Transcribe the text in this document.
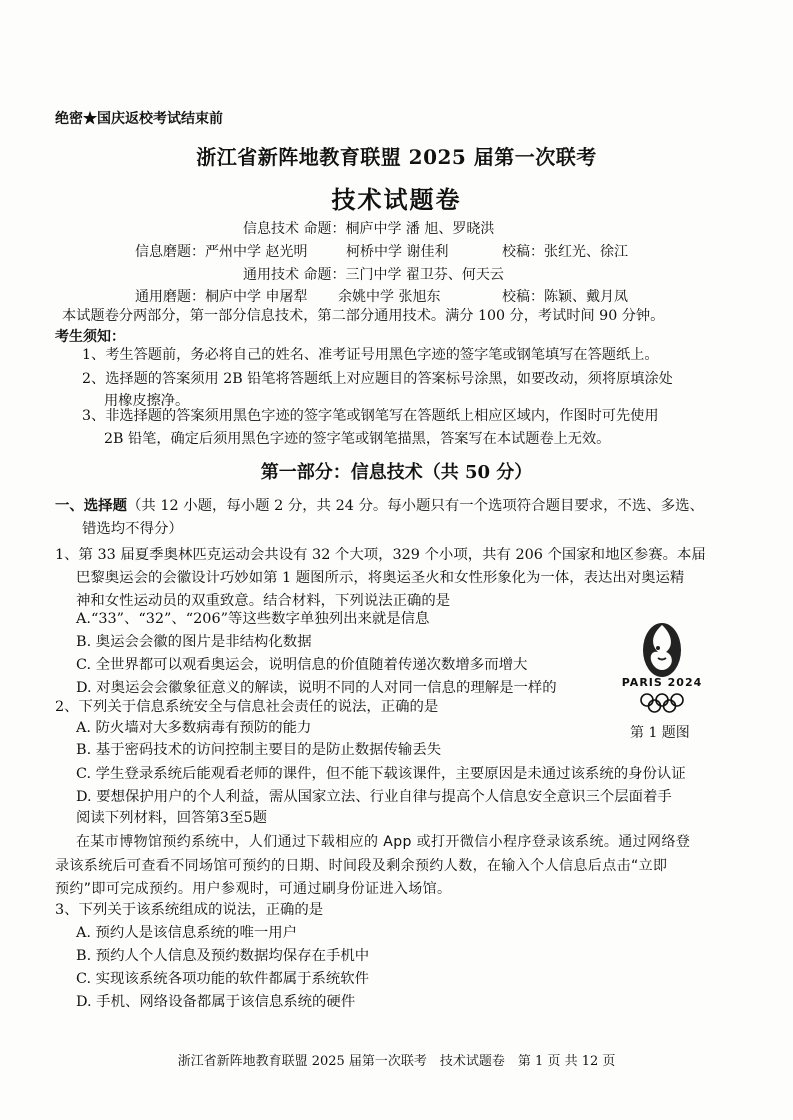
绝密★国庆返校考试结束前
浙江省新阵地教育联盟 2025 届第一次联考
技术试题卷
信息技术 命题：桐庐中学 潘 旭、罗晓洪
信息磨题：严州中学 赵光明	柯桥中学 谢佳利	校稿：张红光、徐江
通用技术 命题：三门中学 翟卫芬、何天云
通用磨题：桐庐中学 申屠犁 余姚中学 张旭东	校稿：陈颖、戴月凤
本试题卷分两部分，第一部分信息技术，第二部分通用技术。满分 100 分，考试时间 90 分钟。
考生须知：
1、考生答题前，务必将自己的姓名、准考证号用黑色字迹的签字笔或钢笔填写在答题纸上。
2、选择题的答案须用 2B 铅笔将答题纸上对应题目的答案标号涂黑，如要改动，须将原填涂处
用橡皮擦净。
3、非选择题的答案须用黑色字迹的签字笔或钢笔写在答题纸上相应区域内，作图时可先使用
2B 铅笔，确定后须用黑色字迹的签字笔或钢笔描黑，答案写在本试题卷上无效。
第一部分：信息技术（共 50 分）
一、选择题（共 12 小题，每小题 2 分，共 24 分。每小题只有一个选项符合题目要求，不选、多选、
错选均不得分）
1、第 33 届夏季奥林匹克运动会共设有 32 个大项，329 个小项，共有 206 个国家和地区参赛。本届
巴黎奥运会的会徽设计巧妙如第 1 题图所示，将奥运圣火和女性形象化为一体，表达出对奥运精
神和女性运动员的双重致意。结合材料，下列说法正确的是
A.“33”、“32”、“206”等这些数字单独列出来就是信息
B. 奥运会会徽的图片是非结构化数据
C. 全世界都可以观看奥运会，说明信息的价值随着传递次数增多而增大
D. 对奥运会会徽象征意义的解读，说明不同的人对同一信息的理解是一样的	PARIS 2024
第 1 题图
2、下列关于信息系统安全与信息社会责任的说法，正确的是
A. 防火墙对大多数病毒有预防的能力
B. 基于密码技术的访问控制主要目的是防止数据传输丢失
C. 学生登录系统后能观看老师的课件，但不能下载该课件，主要原因是未通过该系统的身份认证
D. 要想保护用户的个人利益，需从国家立法、行业自律与提高个人信息安全意识三个层面着手
阅读下列材料，回答第3至5题
在某市博物馆预约系统中，人们通过下载相应的 App 或打开微信小程序登录该系统。通过网络登
录该系统后可查看不同场馆可预约的日期、时间段及剩余预约人数，在输入个人信息后点击“立即
预约”即可完成预约。用户参观时，可通过刷身份证进入场馆。
3、下列关于该系统组成的说法，正确的是
A. 预约人是该信息系统的唯一用户
B. 预约人个人信息及预约数据均保存在手机中
C. 实现该系统各项功能的软件都属于系统软件
D. 手机、网络设备都属于该信息系统的硬件
浙江省新阵地教育联盟 2025 届第一次联考　技术试题卷　第 1 页 共 12 页
